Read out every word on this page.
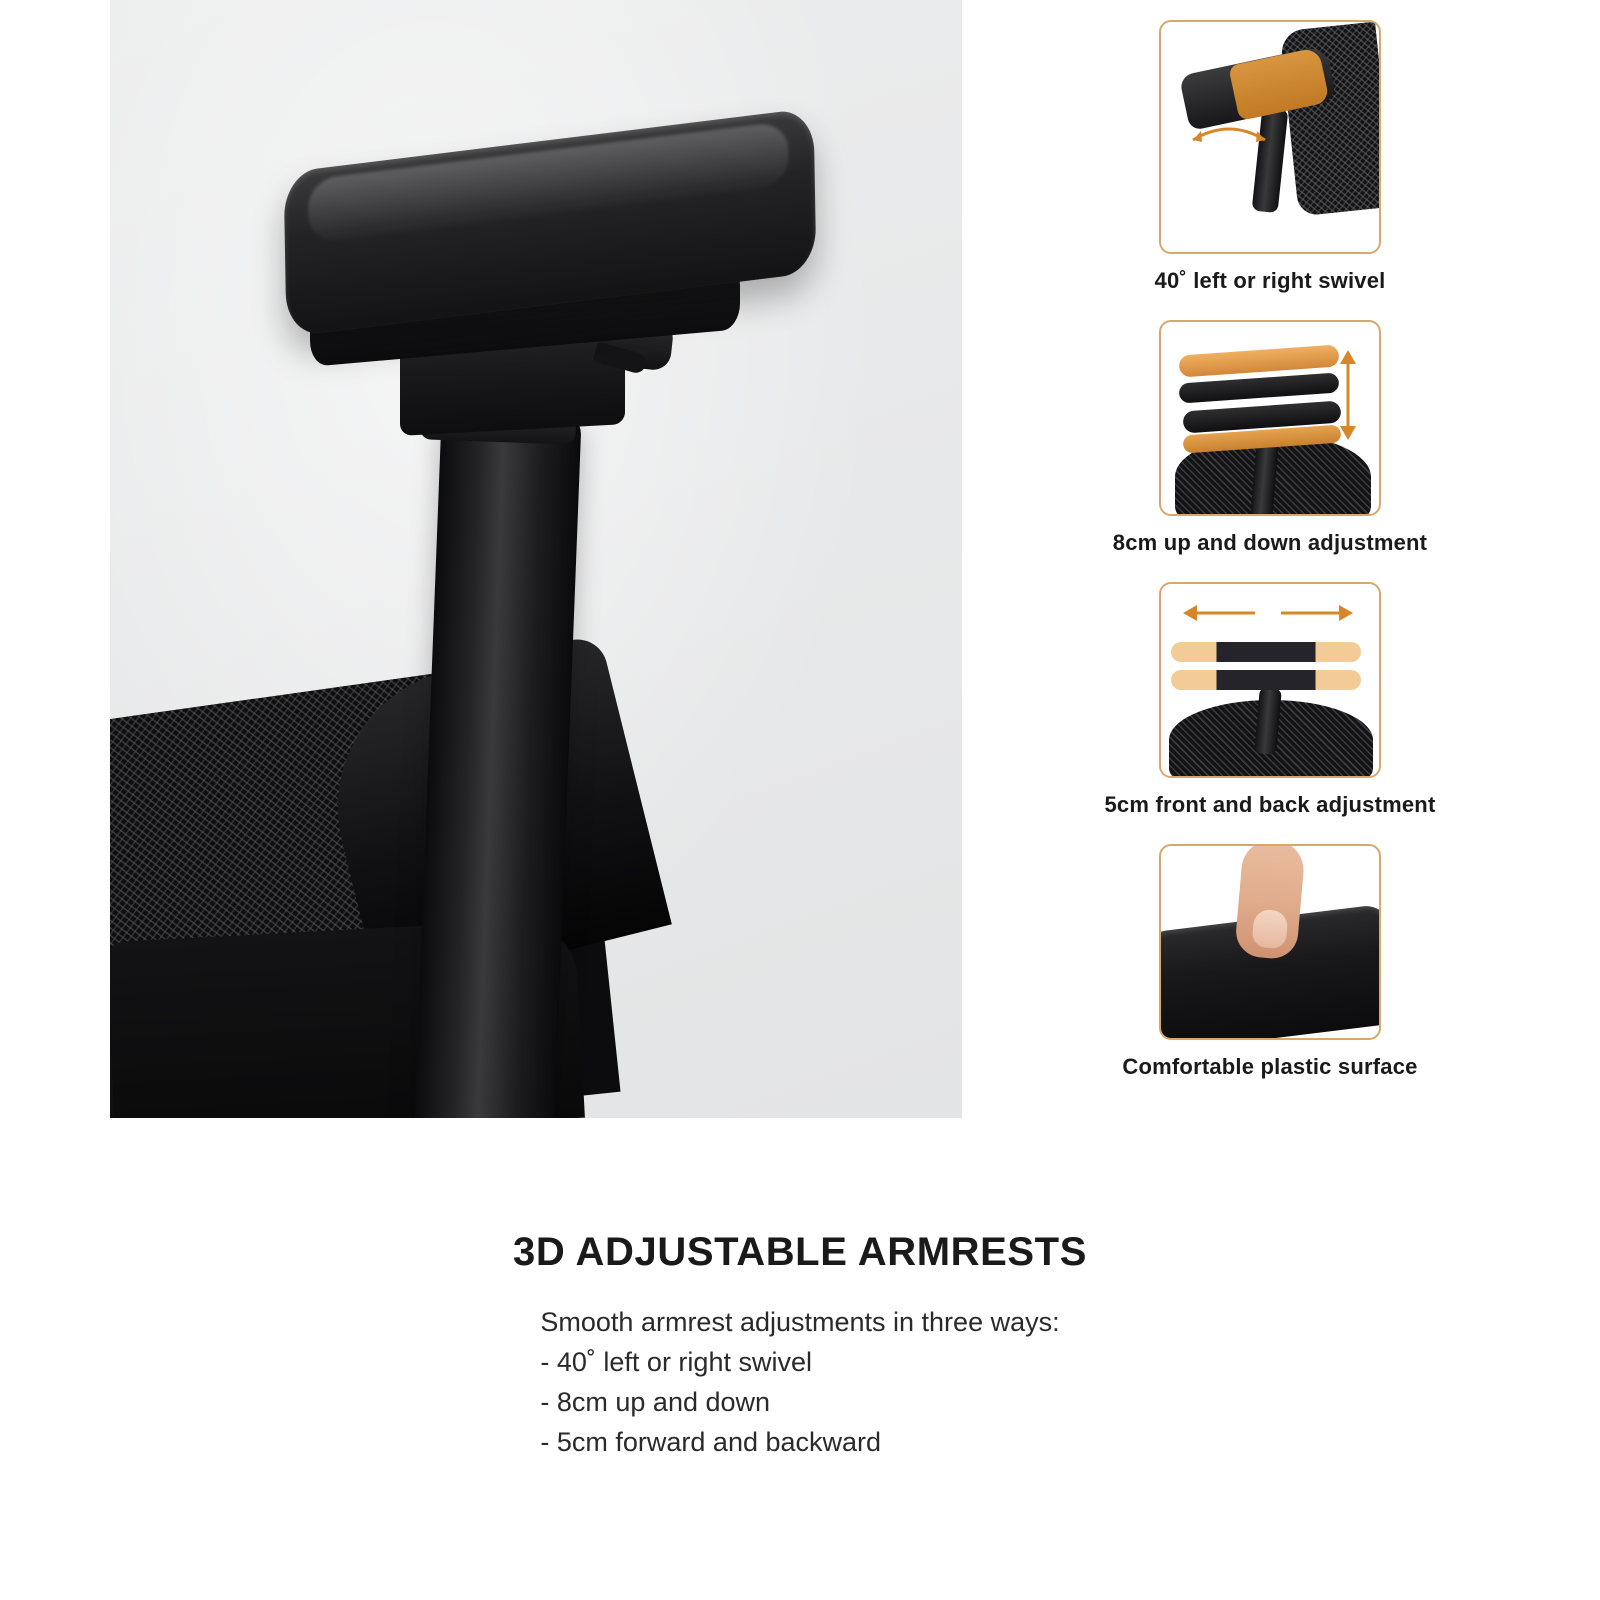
40˚ left or right swivel
8cm up and down adjustment
5cm front and back adjustment
Comfortable plastic surface
3D ADJUSTABLE ARMRESTS
Smooth armrest adjustments in three ways:
- 40˚ left or right swivel
- 8cm up and down
- 5cm forward and backward
